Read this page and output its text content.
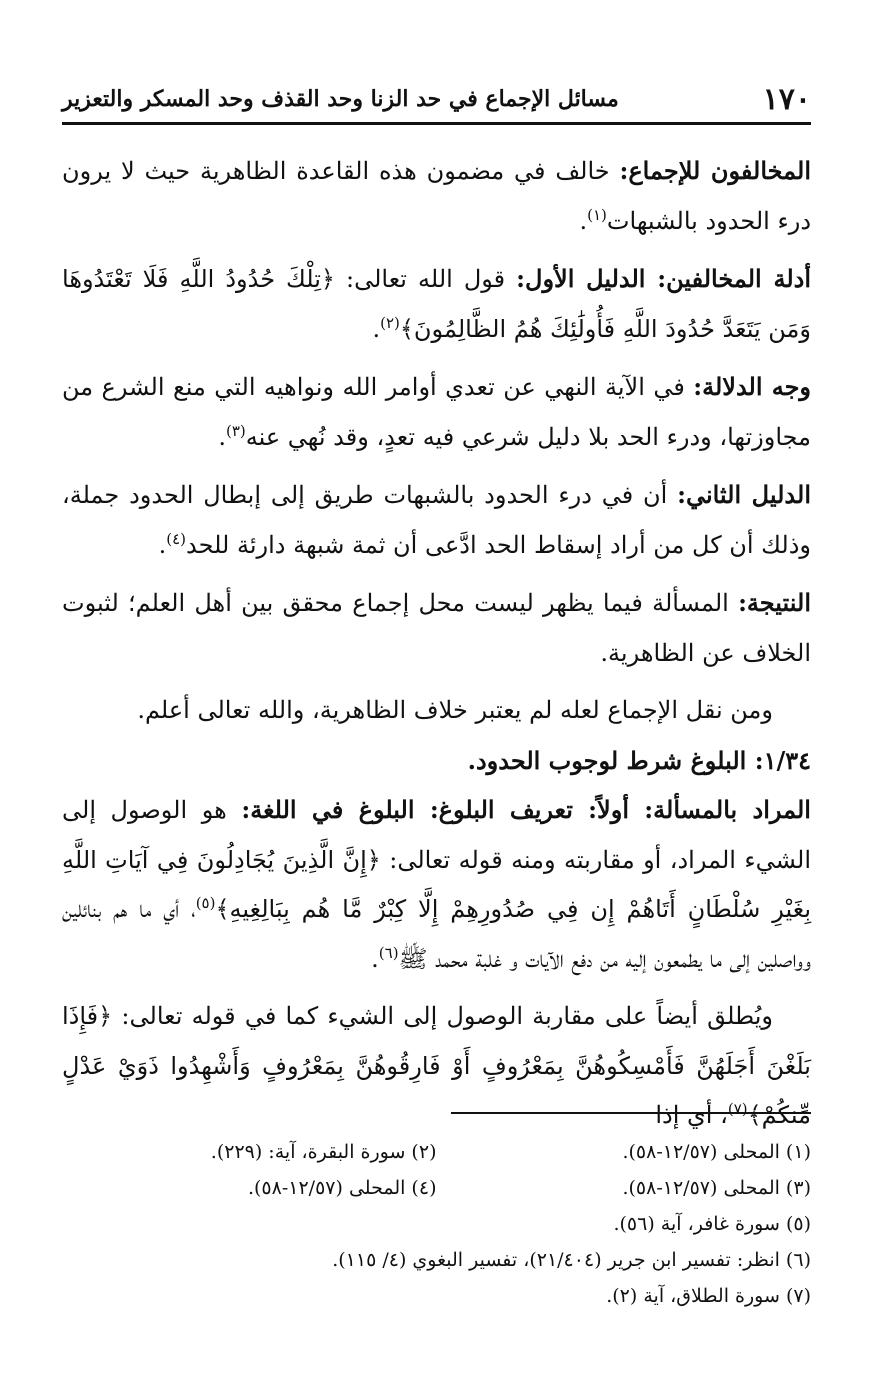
١٧٠
مسائل الإجماع في حد الزنا وحد القذف وحد المسكر والتعزير

المخالفون للإجماع: خالف في مضمون هذه القاعدة الظاهرية حيث لا يرون درء الحدود بالشبهات$^{(١)}$.

أدلة المخالفين: الدليل الأول: قول الله تعالى: ﴿تِلْكَ حُدُودُ اللَّهِ فَلَا تَعْتَدُوهَا وَمَن يَتَعَدَّ حُدُودَ اللَّهِ فَأُولَٰئِكَ هُمُ الظَّالِمُونَ﴾$^{(٢)}$.

وجه الدلالة: في الآية النهي عن تعدي أوامر الله ونواهيه التي منع الشرع من مجاوزتها، ودرء الحد بلا دليل شرعي فيه تعدٍ، وقد نُهي عنه$^{(٣)}$.

الدليل الثاني: أن في درء الحدود بالشبهات طريق إلى إبطال الحدود جملة، وذلك أن كل من أراد إسقاط الحد ادَّعى أن ثمة شبهة دارئة للحد$^{(٤)}$.

النتيجة: المسألة فيما يظهر ليست محل إجماع محقق بين أهل العلم؛ لثبوت الخلاف عن الظاهرية.

ومن نقل الإجماع لعله لم يعتبر خلاف الظاهرية، والله تعالى أعلم.

١/٣٤: البلوغ شرط لوجوب الحدود.

المراد بالمسألة: أولاً: تعريف البلوغ: البلوغ في اللغة: هو الوصول إلى الشيء المراد، أو مقاربته ومنه قوله تعالى: ﴿إِنَّ الَّذِينَ يُجَادِلُونَ فِي آيَاتِ اللَّهِ بِغَيْرِ سُلْطَانٍ أَتَاهُمْ إِن فِي صُدُورِهِمْ إِلَّا كِبْرٌ مَّا هُم بِبَالِغِيهِ﴾$^{(٥)}$، أي ما هم بنائلين وواصلين إلى ما يطمعون إليه من دفع الآيات و غلبة محمد ﷺ$^{(٦)}$.

ويُطلق أيضاً على مقاربة الوصول إلى الشيء كما في قوله تعالى: ﴿فَإِذَا بَلَغْنَ أَجَلَهُنَّ فَأَمْسِكُوهُنَّ بِمَعْرُوفٍ أَوْ فَارِقُوهُنَّ بِمَعْرُوفٍ وَأَشْهِدُوا ذَوَيْ عَدْلٍ مِّنكُمْ﴾$^{(٧)}$، أي إذا

(١) المحلى (١٢/٥٧-٥٨).
(٢) سورة البقرة، آية: (٢٢٩).
(٣) المحلى (١٢/٥٧-٥٨).
(٤) المحلى (١٢/٥٧-٥٨).
(٥) سورة غافر، آية (٥٦).
(٦) انظر: تفسير ابن جرير (٢١/٤٠٤)، تفسير البغوي (٤/ ١١٥).
(٧) سورة الطلاق، آية (٢).
